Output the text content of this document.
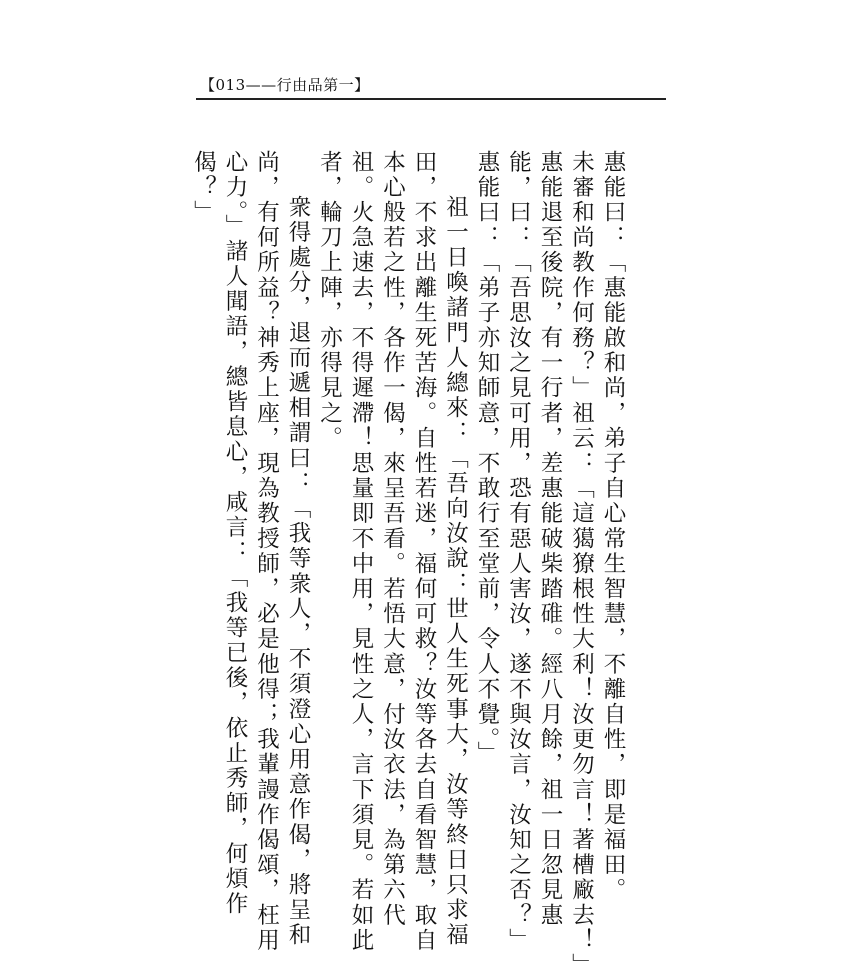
【013——行由品第一】
惠能曰：「惠能啟和尚，弟子自心常生智慧，不離自性，即是福田。
未審和尚教作何務？」祖云：「這獦獠根性大利！汝更勿言！著槽廠去！」
惠能退至後院，有一行者，差惠能破柴踏碓。經八月餘，祖一日忽見惠
能，曰：「吾思汝之見可用，恐有惡人害汝，遂不與汝言，汝知之否？」
惠能曰：「弟子亦知師意，不敢行至堂前，令人不覺。」
祖一日喚諸門人總來：「吾向汝說：世人生死事大，汝等終日只求福
田，不求出離生死苦海。自性若迷，福何可救？汝等各去自看智慧，取自
本心般若之性，各作一偈，來呈吾看。若悟大意，付汝衣法，為第六代
祖。火急速去，不得遲滯！思量即不中用，見性之人，言下須見。若如此
者，輪刀上陣，亦得見之。
衆得處分，退而遞相謂曰：「我等衆人，不須澄心用意作偈，將呈和
尚，有何所益？神秀上座，現為教授師，必是他得；我輩謾作偈頌，枉用
心力。」諸人聞語，總皆息心，咸言：「我等已後，依止秀師，何煩作
偈？」
